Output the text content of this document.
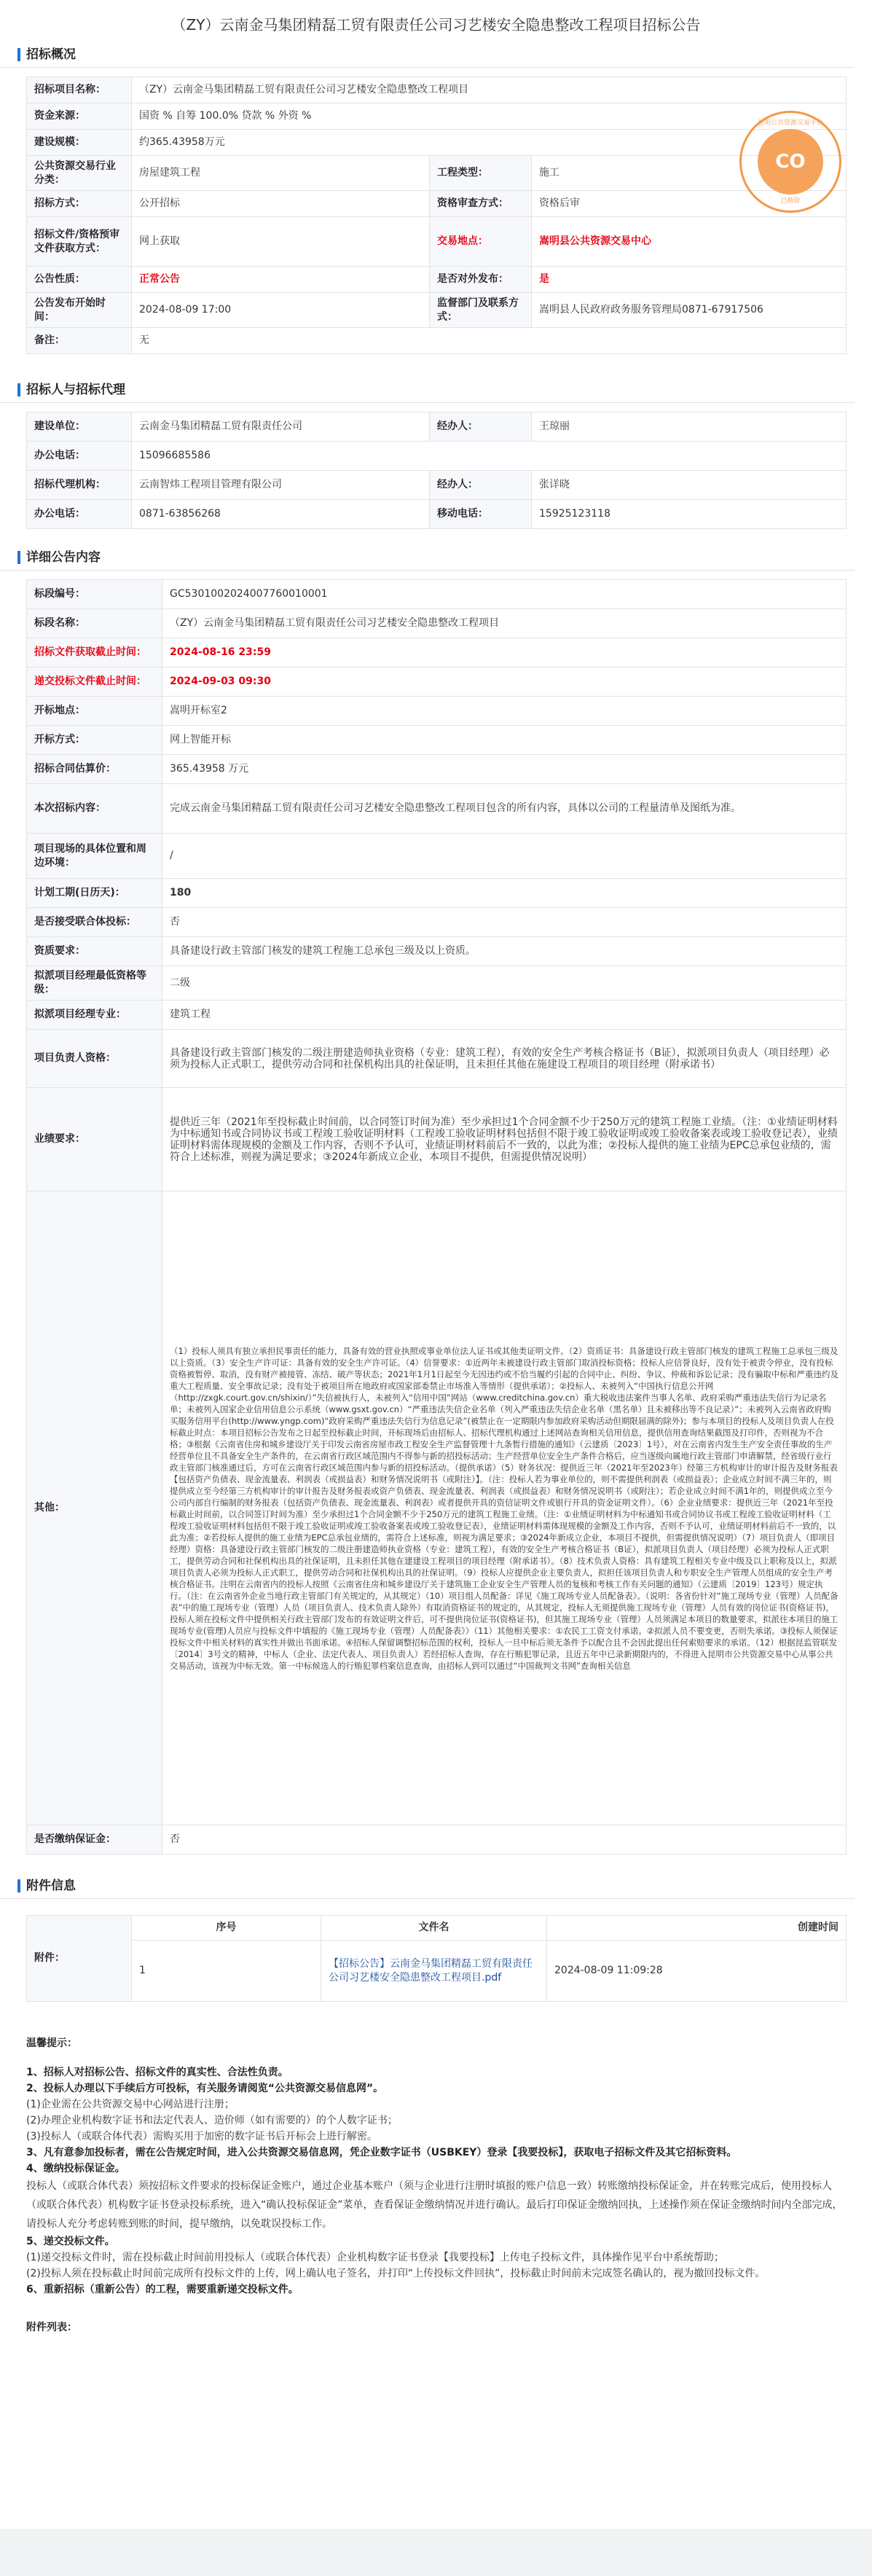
（ZY）云南金马集团精磊工贸有限责任公司习艺楼安全隐患整改工程项目招标公告
招标概况
招标项目名称：	（ZY）云南金马集团精磊工贸有限责任公司习艺楼安全隐患整改工程项目		
资金来源：	国资 % 自筹 100.0% 贷款 % 外资 %		
建设规模：	约365.43958万元		
公共资源交易行业分类：	房屋建筑工程	工程类型：	施工
招标方式：	公开招标	资格审查方式：	资格后审
招标文件/资格预审文件获取方式：	网上获取	交易地点：	嵩明县公共资源交易中心
公告性质：	正常公告	是否对外发布：	是
公告发布开始时间：	2024-08-09 17:00	监督部门及联系方式：	嵩明县人民政府政务服务管理局0871-67917506
备注：	无		
昆明公共资源交易平台
CO
已核验
招标人与招标代理
建设单位：	云南金马集团精磊工贸有限责任公司	经办人：	王琼丽
办公电话：	15096685586		
招标代理机构：	云南智炜工程项目管理有限公司	经办人：	张详晓
办公电话：	0871-63856268	移动电话：	15925123118
详细公告内容
标段编号：	GC5301002024007760010001
标段名称：	（ZY）云南金马集团精磊工贸有限责任公司习艺楼安全隐患整改工程项目
招标文件获取截止时间：	2024-08-16 23:59
递交投标文件截止时间：	2024-09-03 09:30
开标地点：	嵩明开标室2
开标方式：	网上智能开标
招标合同估算价：	365.43958 万元
本次招标内容：	完成云南金马集团精磊工贸有限责任公司习艺楼安全隐患整改工程项目包含的所有内容，具体以公司的工程量清单及图纸为准。
项目现场的具体位置和周边环境：	/
计划工期(日历天)：	180
是否接受联合体投标：	否
资质要求：	具备建设行政主管部门核发的建筑工程施工总承包三级及以上资质。
拟派项目经理最低资格等级：	二级
拟派项目经理专业：	建筑工程
项目负责人资格：	具备建设行政主管部门核发的二级注册建造师执业资格（专业：建筑工程），有效的安全生产考核合格证书（B证），拟派项目负责人（项目经理）必须为投标人正式职工，提供劳动合同和社保机构出具的社保证明，且未担任其他在施建设工程项目的项目经理（附承诺书）
业绩要求：	提供近三年（2021年至投标截止时间前，以合同签订时间为准）至少承担过1个合同金额不少于250万元的建筑工程施工业绩。（注：①业绩证明材料为中标通知书或合同协议书或工程竣工验收证明材料（工程竣工验收证明材料包括但不限于竣工验收证明或竣工验收备案表或竣工验收登记表），业绩证明材料需体现规模的金额及工作内容，否则不予认可，业绩证明材料前后不一致的，以此为准；②投标人提供的施工业绩为EPC总承包业绩的，需符合上述标准，则视为满足要求；③2024年新成立企业，本项目不提供，但需提供情况说明）
其他：	（1）投标人须具有独立承担民事责任的能力，具备有效的营业执照或事业单位法人证书或其他类证明文件。（2）资质证书：具备建设行政主管部门核发的建筑工程施工总承包三级及以上资质。（3）安全生产许可证：具备有效的安全生产许可证。（4）信誉要求：①近两年未被建设行政主管部门取消投标资格；投标人应信誉良好，没有处于被责令停业，没有投标资格被暂停、取消，没有财产被接管、冻结、破产等状态；2021年1月1日起至今无因违约或不恰当履约引起的合同中止、纠纷、争议、仲裁和诉讼记录；没有骗取中标和严重违约及重大工程质量、安全事故记录；没有处于被项目所在地政府或国家部委禁止市场准入等情形（提供承诺）；②投标人、未被列入“中国执行信息公开网（http://zxgk.court.gov.cn/shixin/）”失信被执行人，未被列入“信用中国”网站（www.creditchina.gov.cn）重大税收违法案件当事人名单、政府采购严重违法失信行为记录名单；未被列入国家企业信用信息公示系统（www.gsxt.gov.cn）“严重违法失信企业名单（列入严重违法失信企业名单（黑名单）且未被移出等不良记录）”；未被列入云南省政府购买服务信用平台(http://www.yngp.com)“政府采购严重违法失信行为信息记录”(被禁止在一定期限内参加政府采购活动但期限届满的除外)；参与本项目的投标人及项目负责人在投标截止时点：本项目招标公告发布之日起至投标截止时间，开标现场后由招标人、招标代理机构通过上述网站查询相关信用信息，提供信用查询结果截图及打印件，否则视为不合格；③根据《云南省住房和城乡建设厅关于印发云南省房屋市政工程安全生产监督管理十九条暂行措施的通知》（云建质〔2023〕1号），对在云南省内发生生产安全责任事故的生产经营单位且不具备安全生产条件的，在云南省行政区域范围内不得参与新的招投标活动；生产经营单位安全生产条件合格后，应当逐级向属地行政主管部门申请解禁，经省级行业行政主管部门核准通过后，方可在云南省行政区域范围内参与新的招投标活动。（提供承诺）（5）财务状况：提供近三年（2021年至2023年）经第三方机构审计的审计报告及财务报表【包括资产负债表、现金流量表、利润表（或损益表）和财务情况说明书（或附注）】。（注：投标人若为事业单位的，则不需提供利润表（或损益表）；企业成立时间不满三年的，则提供成立至今经第三方机构审计的审计报告及财务报表或资产负债表、现金流量表、利润表（或损益表）和财务情况说明书（或附注）；若企业成立时间不满1年的，则提供成立至今公司内部自行编制的财务报表（包括资产负债表、现金流量表、利润表）或者提供开具的资信证明文件或银行开具的资金证明文件）。（6）企业业绩要求：提供近三年（2021年至投标截止时间前，以合同签订时间为准）至少承担过1个合同金额不少于250万元的建筑工程施工业绩。（注：①业绩证明材料为中标通知书或合同协议书或工程竣工验收证明材料（工程竣工验收证明材料包括但不限于竣工验收证明或竣工验收备案表或竣工验收登记表），业绩证明材料需体现规模的金额及工作内容，否则不予认可，业绩证明材料前后不一致的，以此为准；②若投标人提供的施工业绩为EPC总承包业绩的，需符合上述标准，则视为满足要求；③2024年新成立企业，本项目不提供，但需提供情况说明）（7）项目负责人（即项目经理）资格：具备建设行政主管部门核发的二级注册建造师执业资格（专业：建筑工程），有效的安全生产考核合格证书（B证），拟派项目负责人（项目经理）必须为投标人正式职工，提供劳动合同和社保机构出具的社保证明，且未担任其他在建建设工程项目的项目经理（附承诺书）。（8）技术负责人资格：具有建筑工程相关专业中级及以上职称及以上，拟派项目负责人必须为投标人正式职工，提供劳动合同和社保机构出具的社保证明。（9）投标人应提供企业主要负责人，拟担任该项目负责人和专职安全生产管理人员组成的安全生产考核合格证书。注明在云南省内的投标人按照《云南省住房和城乡建设厅关于建筑施工企业安全生产管理人员的复核和考核工作有关问题的通知》（云建质〔2019〕123号）规定执行。（注：在云南省外企业当地行政主管部门有关规定的，从其规定）（10）项目组人员配备：详见《施工现场专业人员配备表》。（说明：各省份针对“施工现场专业（管理）人员配备表”中的施工现场专业（管理）人员（项目负责人、技术负责人除外）有取消资格证书的规定的，从其规定，投标人无须提供施工现场专业（管理）人员有效的岗位证书(资格证书)，投标人须在投标文件中提供相关行政主管部门发布的有效证明文件后，可不提供岗位证书(资格证书)，但其施工现场专业（管理）人员须满足本项目的数量要求，拟派往本项目的施工现场专业(管理)人员应与投标文件中填报的《施工现场专业（管理）人员配备表》）（11）其他相关要求：①农民工工资支付承诺。②拟派人员不要变更，否则失承诺。③投标人须保证投标文件中相关材料的真实性并做出书面承诺。④招标人保留调整招标范围的权利，投标人一旦中标后须无条件予以配合且不会因此提出任何索赔要求的承诺。（12）根据昆监管联发〔2014〕3号文的精神，中标人（企业、法定代表人、项目负责人）若经招标人查询，存在行贿犯罪记录，且近五年中已录新期限内的，不得进入昆明市公共资源交易中心从事公共交易活动，该视为中标无效。第一中标候选人的行贿犯罪档案信息查询，由招标人到可以通过“中国裁判文书网”查询相关信息
是否缴纳保证金：	否
附件信息
附件：	序号	文件名	创建时间
	1	【招标公告】云南金马集团精磊工贸有限责任公司习艺楼安全隐患整改工程项目.pdf	2024-08-09 11:09:28
温馨提示：
1、招标人对招标公告、招标文件的真实性、合法性负责。
2、投标人办理以下手续后方可投标，有关服务请阅览“公共资源交易信息网”。
(1)企业需在公共资源交易中心网站进行注册；
(2)办理企业机构数字证书和法定代表人、造价师（如有需要的）的个人数字证书；
(3)投标人（或联合体代表）需购买用于加密的数字证书后开标会上进行解密。
3、凡有意参加投标者，需在公告规定时间，进入公共资源交易信息网，凭企业数字证书（USBKEY）登录【我要投标】，获取电子招标文件及其它招标资料。
4、缴纳投标保证金。
投标人（或联合体代表）须按招标文件要求的投标保证金账户，通过企业基本账户（须与企业进行注册时填报的账户信息一致）转账缴纳投标保证金，并在转账完成后，使用投标人（或联合体代表）机构数字证书登录投标系统，进入“确认投标保证金”菜单，查看保证金缴纳情况并进行确认。最后打印保证金缴纳回执，上述操作须在保证金缴纳时间内全部完成，请投标人充分考虑转账到账的时间，提早缴纳，以免耽误投标工作。
5、递交投标文件。
(1)递交投标文件时，需在投标截止时间前用投标人（或联合体代表）企业机构数字证书登录【我要投标】上传电子投标文件，具体操作见平台中系统帮助；
(2)投标人须在投标截止时间前完成所有投标文件的上传，网上确认电子签名，并打印“上传投标文件回执”，投标截止时间前未完成签名确认的，视为撤回投标文件。
6、重新招标（重新公告）的工程，需要重新递交投标文件。
附件列表：
